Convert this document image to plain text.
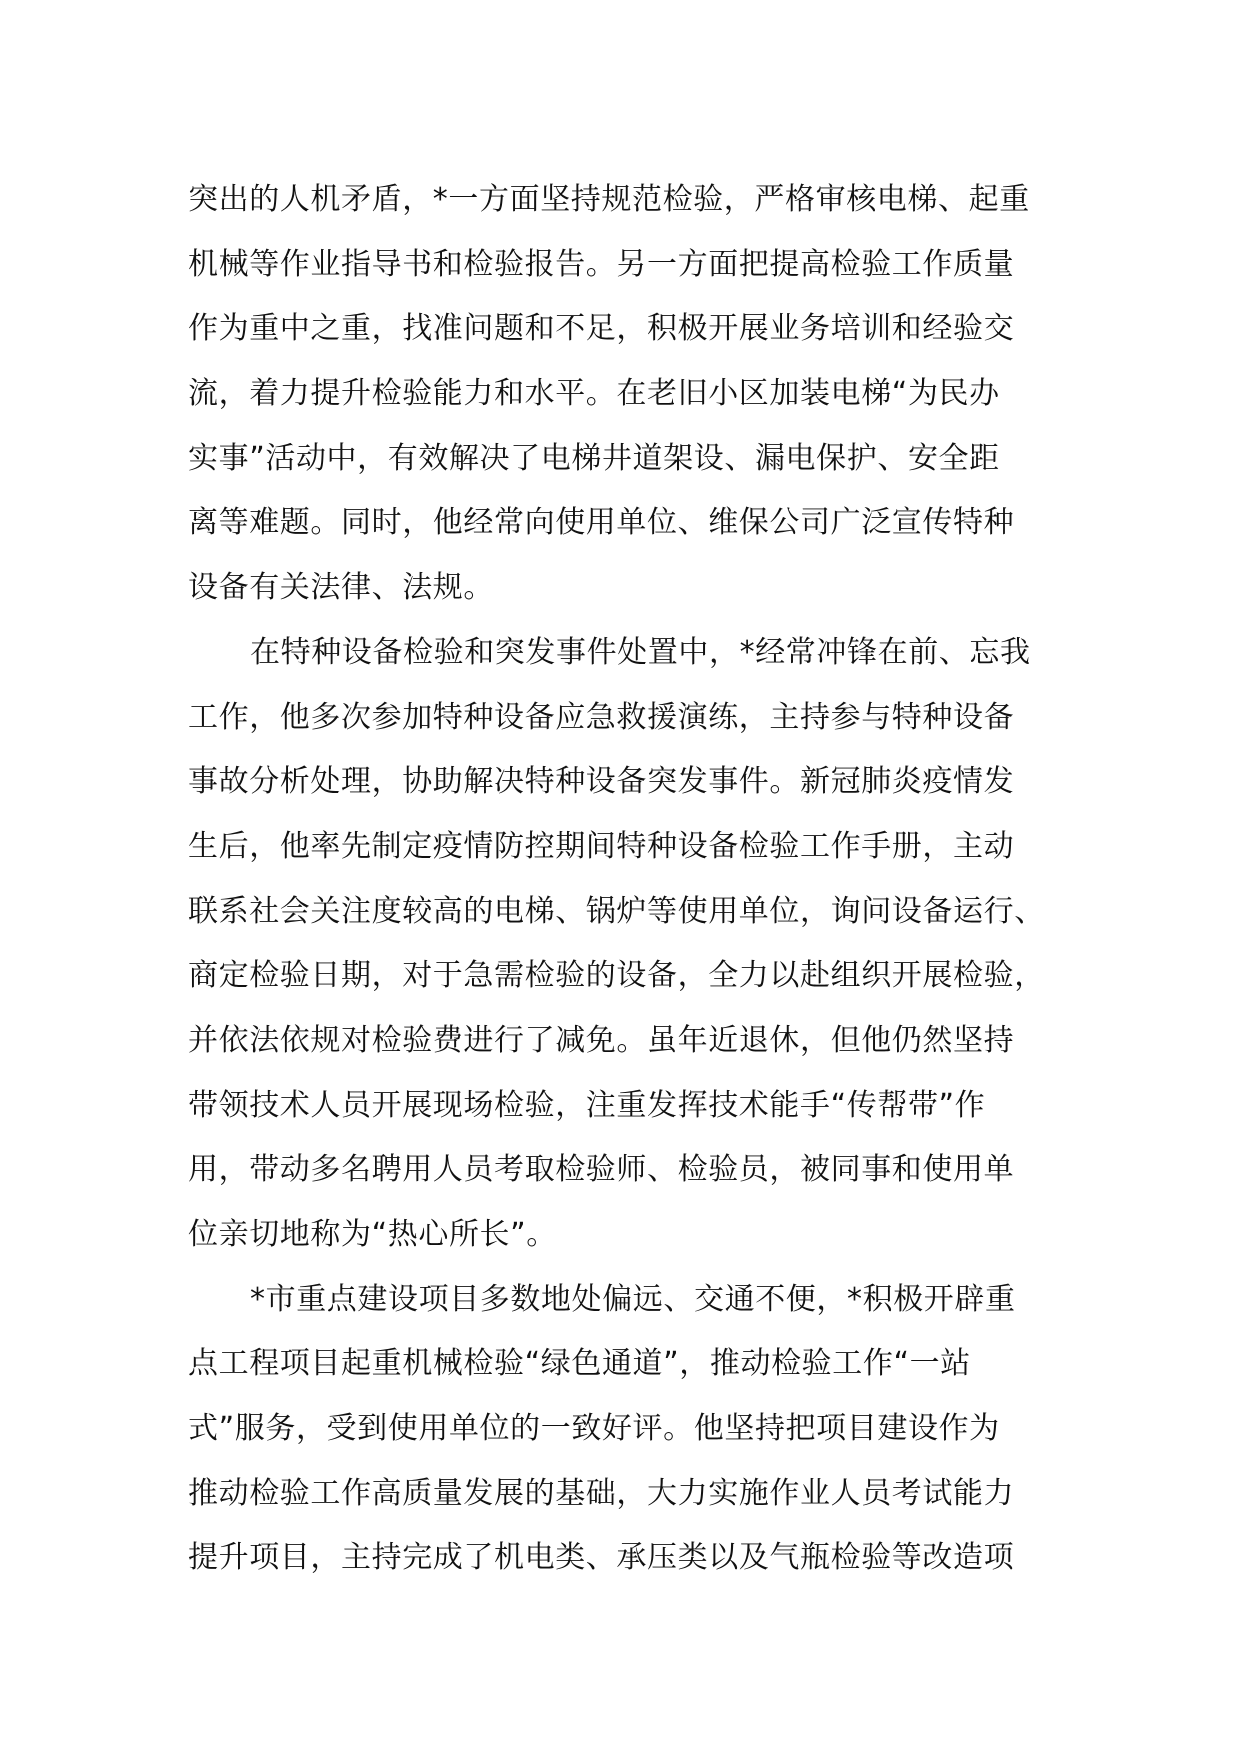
突出的人机矛盾，*一方面坚持规范检验，严格审核电梯、起重
机械等作业指导书和检验报告。另一方面把提高检验工作质量
作为重中之重，找准问题和不足，积极开展业务培训和经验交
流，着力提升检验能力和水平。在老旧小区加装电梯“为民办
实事”活动中，有效解决了电梯井道架设、漏电保护、安全距
离等难题。同时，他经常向使用单位、维保公司广泛宣传特种
设备有关法律、法规。
在特种设备检验和突发事件处置中，*经常冲锋在前、忘我
工作，他多次参加特种设备应急救援演练，主持参与特种设备
事故分析处理，协助解决特种设备突发事件。新冠肺炎疫情发
生后，他率先制定疫情防控期间特种设备检验工作手册，主动
联系社会关注度较高的电梯、锅炉等使用单位，询问设备运行、
商定检验日期，对于急需检验的设备，全力以赴组织开展检验，
并依法依规对检验费进行了减免。虽年近退休，但他仍然坚持
带领技术人员开展现场检验，注重发挥技术能手“传帮带”作
用，带动多名聘用人员考取检验师、检验员，被同事和使用单
位亲切地称为“热心所长”。
*市重点建设项目多数地处偏远、交通不便，*积极开辟重
点工程项目起重机械检验“绿色通道”，推动检验工作“一站
式”服务，受到使用单位的一致好评。他坚持把项目建设作为
推动检验工作高质量发展的基础，大力实施作业人员考试能力
提升项目，主持完成了机电类、承压类以及气瓶检验等改造项
